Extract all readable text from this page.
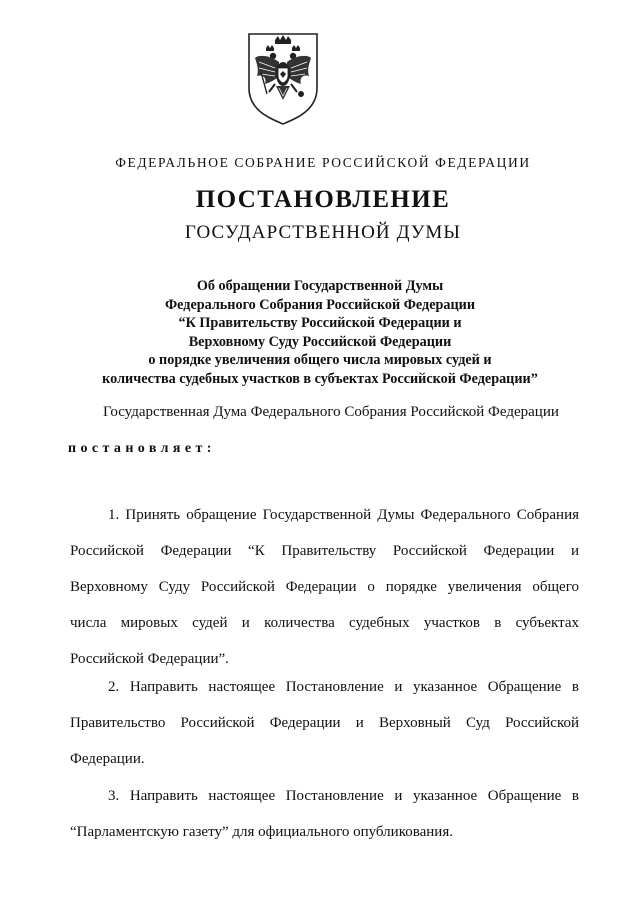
ФЕДЕРАЛЬНОЕ СОБРАНИЕ РОССИЙСКОЙ ФЕДЕРАЦИИ
ПОСТАНОВЛЕНИЕ
ГОСУДАРСТВЕННОЙ ДУМЫ
Об обращении Государственной Думы
Федерального Собрания Российской Федерации
“К Правительству Российской Федерации и
Верховному Суду Российской Федерации
о порядке увеличения общего числа мировых судей и
количества судебных участков в субъектах Российской Федерации”
Государственная Дума Федерального Собрания Российской Федерации
постановляет:
1. Принять обращение Государственной Думы Федерального Собрания
Российской Федерации “К Правительству Российской Федерации и
Верховному Суду Российской Федерации о порядке увеличения общего
числа мировых судей и количества судебных участков в субъектах
Российской Федерации”.
2. Направить настоящее Постановление и указанное Обращение в
Правительство Российской Федерации и Верховный Суд Российской
Федерации.
3. Направить настоящее Постановление и указанное Обращение в
“Парламентскую газету” для официального опубликования.
